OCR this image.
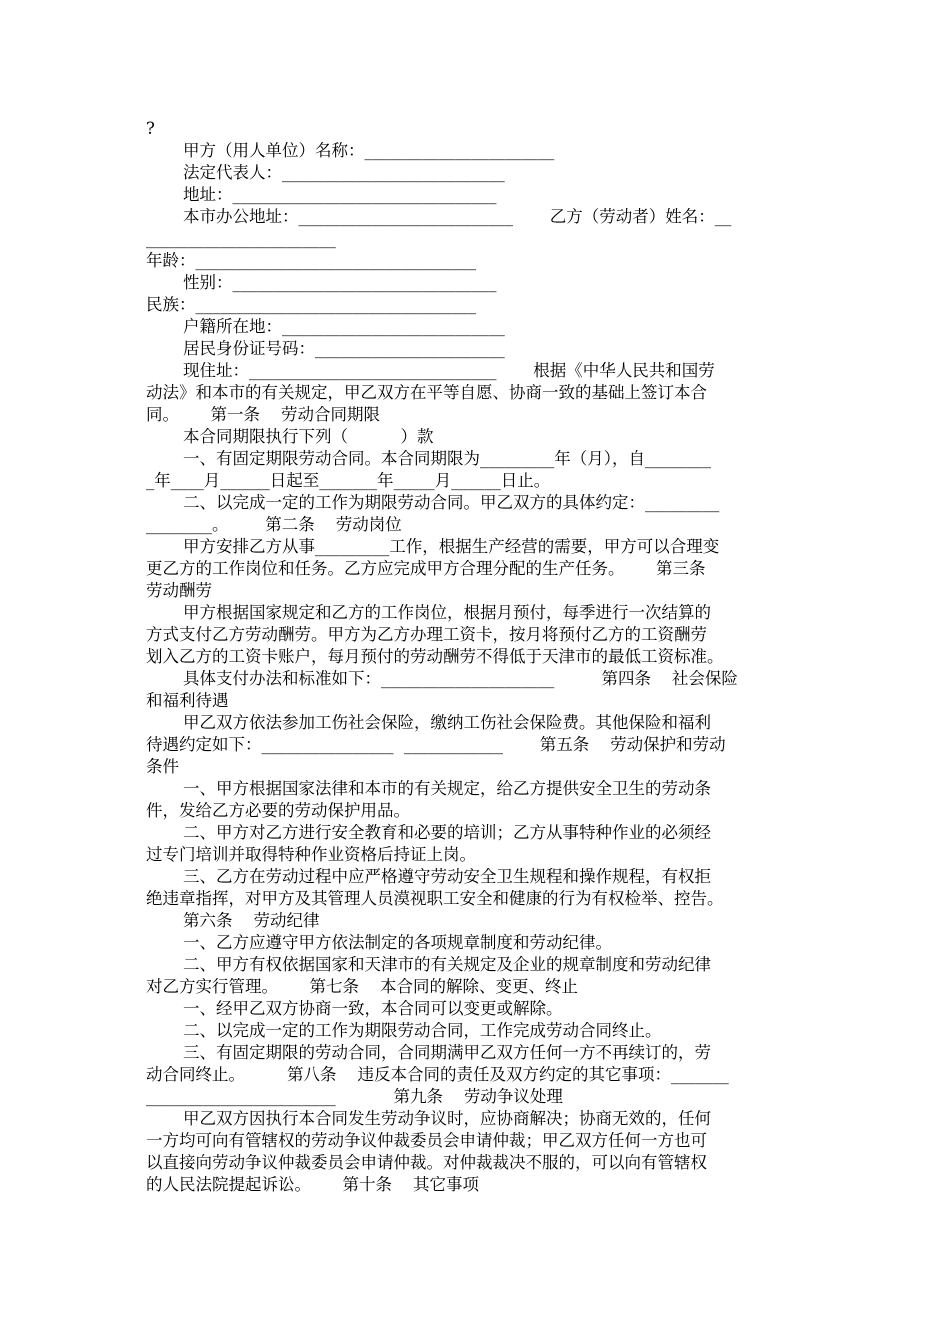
?
甲方（用人单位）名称：_______________________
法定代表人：___________________________
地址：________________________________
本市办公地址：__________________________       乙方（劳动者）姓名：__
_______________________
年龄：__________________________________
性别：________________________________
民族：__________________________________
户籍所在地：___________________________
居民身份证号码：_______________________
现住址：______________________________       根据《中华人民共和国劳
动法》和本市的有关规定，甲乙双方在平等自愿、协商一致的基础上签订本合
同。      第一条    劳动合同期限
本合同期限执行下列（          ）款
一、有固定期限劳动合同。本合同期限为_________年（月），自________
_年____月______日起至_______年_____月______日止。
二、以完成一定的工作为期限劳动合同。甲乙双方的具体约定：_________
________。       第二条    劳动岗位
甲方安排乙方从事_________工作，根据生产经营的需要，甲方可以合理变
更乙方的工作岗位和任务。乙方应完成甲方合理分配的生产任务。      第三条
劳动酬劳
甲方根据国家规定和乙方的工作岗位，根据月预付，每季进行一次结算的
方式支付乙方劳动酬劳。甲方为乙方办理工资卡，按月将预付乙方的工资酬劳
划入乙方的工资卡账户，每月预付的劳动酬劳不得低于天津市的最低工资标准。
具体支付办法和标准如下：_____________________         第四条    社会保险
和福利待遇
甲乙双方依法参加工伤社会保险，缴纳工伤社会保险费。其他保险和福利
待遇约定如下：________________  ____________       第五条    劳动保护和劳动
条件
一、甲方根据国家法律和本市的有关规定，给乙方提供安全卫生的劳动条
件，发给乙方必要的劳动保护用品。
二、甲方对乙方进行安全教育和必要的培训；乙方从事特种作业的必须经
过专门培训并取得特种作业资格后持证上岗。
三、乙方在劳动过程中应严格遵守劳动安全卫生规程和操作规程，有权拒
绝违章指挥，对甲方及其管理人员漠视职工安全和健康的行为有权检举、控告。
第六条    劳动纪律
一、乙方应遵守甲方依法制定的各项规章制度和劳动纪律。
二、甲方有权依据国家和天津市的有关规定及企业的规章制度和劳动纪律
对乙方实行管理。      第七条    本合同的解除、变更、终止
一、经甲乙双方协商一致，本合同可以变更或解除。
二、以完成一定的工作为期限劳动合同，工作完成劳动合同终止。
三、有固定期限的劳动合同，合同期满甲乙双方任何一方不再续订的，劳
动合同终止。        第八条    违反本合同的责任及双方约定的其它事项：_______
_______________________           第九条    劳动争议处理
甲乙双方因执行本合同发生劳动争议时，应协商解决；协商无效的，任何
一方均可向有管辖权的劳动争议仲裁委员会申请仲裁；甲乙双方任何一方也可
以直接向劳动争议仲裁委员会申请仲裁。对仲裁裁决不服的，可以向有管辖权
的人民法院提起诉讼。      第十条    其它事项
